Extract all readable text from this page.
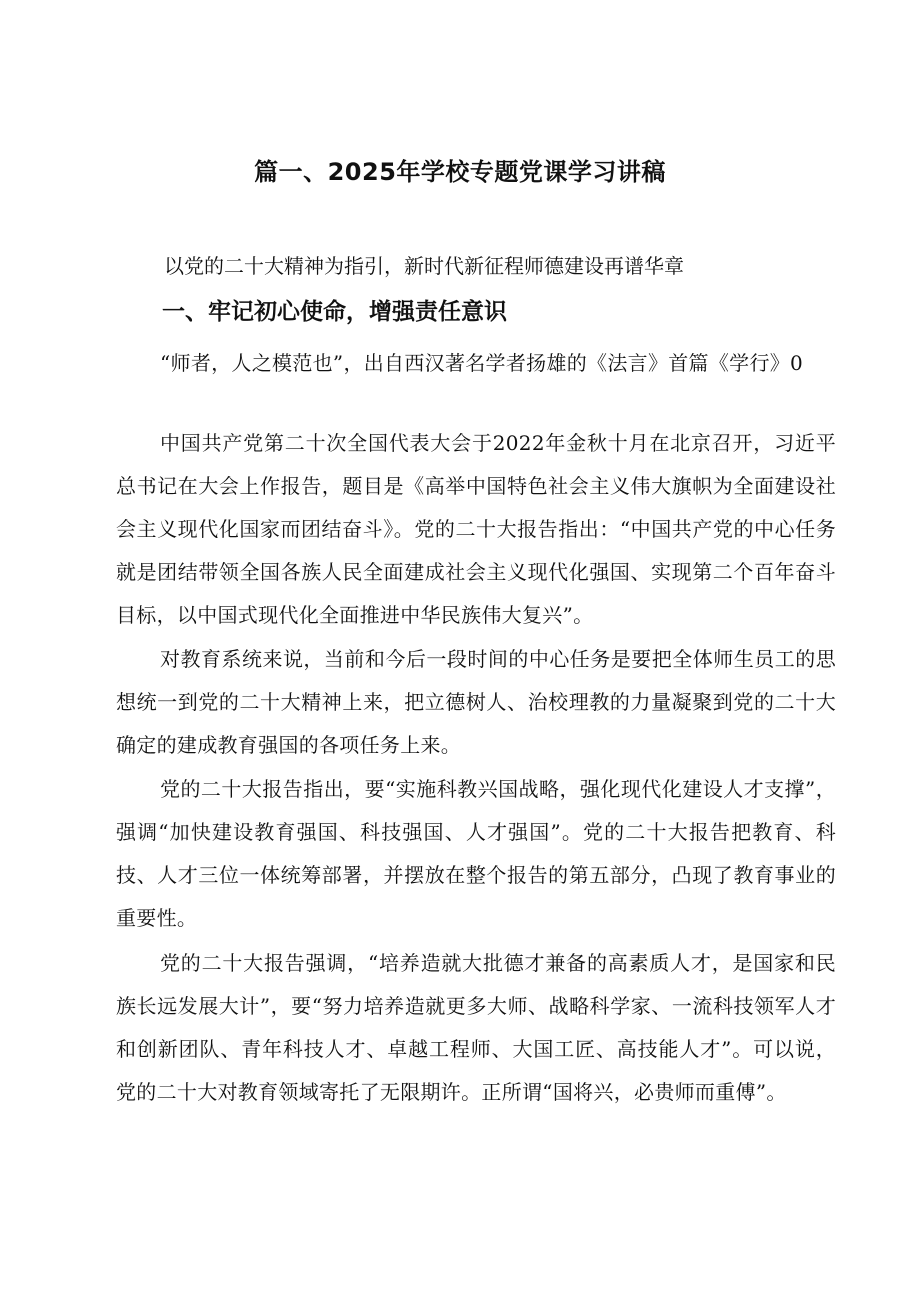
篇一、2025年学校专题党课学习讲稿

以党的二十大精神为指引，新时代新征程师德建设再谱华章

一、牢记初心使命，增强责任意识

“师者，人之模范也”，出自西汉著名学者扬雄的《法言》首篇《学行》0

中国共产党第二十次全国代表大会于2022年金秋十月在北京召开，习近平总书记在大会上作报告，题目是《高举中国特色社会主义伟大旗帜为全面建设社会主义现代化国家而团结奋斗》。党的二十大报告指出：“中国共产党的中心任务就是团结带领全国各族人民全面建成社会主义现代化强国、实现第二个百年奋斗目标，以中国式现代化全面推进中华民族伟大复兴”。

对教育系统来说，当前和今后一段时间的中心任务是要把全体师生员工的思想统一到党的二十大精神上来，把立德树人、治校理教的力量凝聚到党的二十大确定的建成教育强国的各项任务上来。

党的二十大报告指出，要“实施科教兴国战略，强化现代化建设人才支撑”，强调“加快建设教育强国、科技强国、人才强国”。党的二十大报告把教育、科技、人才三位一体统筹部署，并摆放在整个报告的第五部分，凸现了教育事业的重要性。

党的二十大报告强调，“培养造就大批德才兼备的高素质人才，是国家和民族长远发展大计”，要“努力培养造就更多大师、战略科学家、一流科技领军人才和创新团队、青年科技人才、卓越工程师、大国工匠、高技能人才”。可以说，党的二十大对教育领域寄托了无限期许。正所谓“国将兴，必贵师而重傅”。
